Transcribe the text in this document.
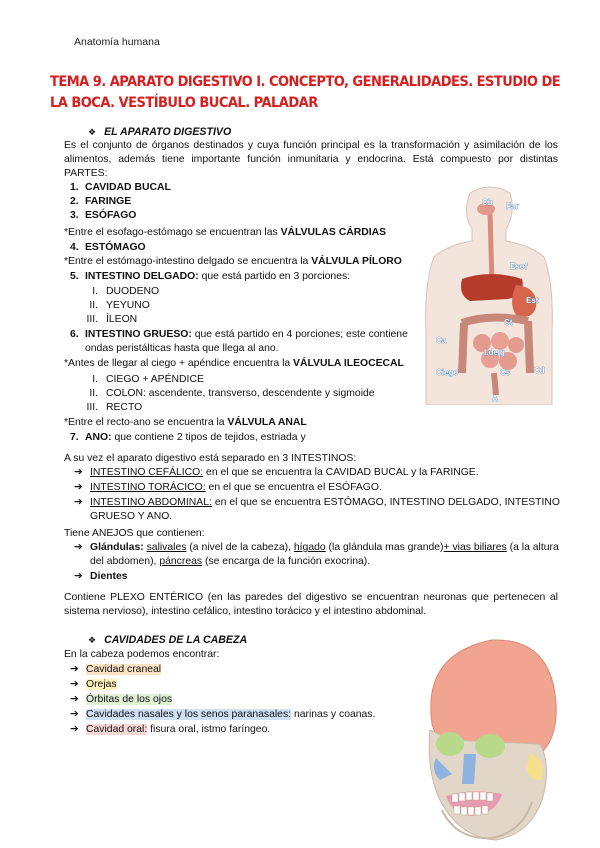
Anatomía humana
TEMA 9. APARATO DIGESTIVO I. CONCEPTO, GENERALIDADES. ESTUDIO DE LA BOCA. VESTÍBULO BUCAL. PALADAR
❖ EL APARATO DIGESTIVO
Es el conjunto de órganos destinados y cuya función principal es la transformación y asimilación de los alimentos, además tiene importante función inmunitaria y endocrina. Está compuesto por distintas PARTES:
1. CAVIDAD BUCAL
2. FARINGE
3. ESÓFAGO
*Entre el esofago-estómago se encuentran las VÁLVULAS CÁRDIAS
4. ESTÓMAGO
*Entre el estómago-intestino delgado se encuentra la VÁLVULA PÍLORO
5. INTESTINO DELGADO: que está partido en 3 porciones:
I. DUODENO
II. YEYUNO
III. ÍLEON
6. INTESTINO GRUESO: que está partido en 4 porciones; este contiene ondas peristálticas hasta que llega al ano.
*Antes de llegar al ciego + apéndice encuentra la VÁLVULA ILEOCECAL
I. CIEGO + APÉNDICE
II. COLON: ascendente, transverso, descendente y sigmoide
III. RECTO
*Entre el recto-ano se encuentra la VÁLVULA ANAL
7. ANO: que contiene 2 tipos de tejidos, estriada y
A su vez el aparato digestivo está separado en 3 INTESTINOS:
➔ INTESTINO CEFÁLICO: en el que se encuentra la CAVIDAD BUCAL y la FARINGE.
➔ INTESTINO TORÁCICO: en el que se encuentra el ESÓFAGO.
➔ INTESTINO ABDOMINAL: en el que se encuentra ESTÓMAGO, INTESTINO DELGADO, INTESTINO GRUESO Y ANO.
Tiene ANEJOS que contienen:
➔ Glándulas: salivales (a nivel de la cabeza), hígado (la glándula mas grande)+ vias biliares (a la altura del abdomen), páncreas (se encarga de la función exocrina).
➔ Dientes
Contiene PLEXO ENTÉRICO (en las paredes del digestivo se encuentran neuronas que pertenecen al sistema nervioso), intestino cefálico, intestino torácico y el intestino abdominal.
❖ CAVIDADES DE LA CABEZA
En la cabeza podemos encontrar:
➔ Cavidad craneal
➔ Orejas
➔ Órbitas de los ojos
➔ Cavidades nasales y los senos paranasales: narinas y coanas.
➔ Cavidad oral: fisura oral, istmo faríngeo.
Cb Far
Esof
Est
Ct
Ca
I.delg
Ciego	Cs	Cd
A
